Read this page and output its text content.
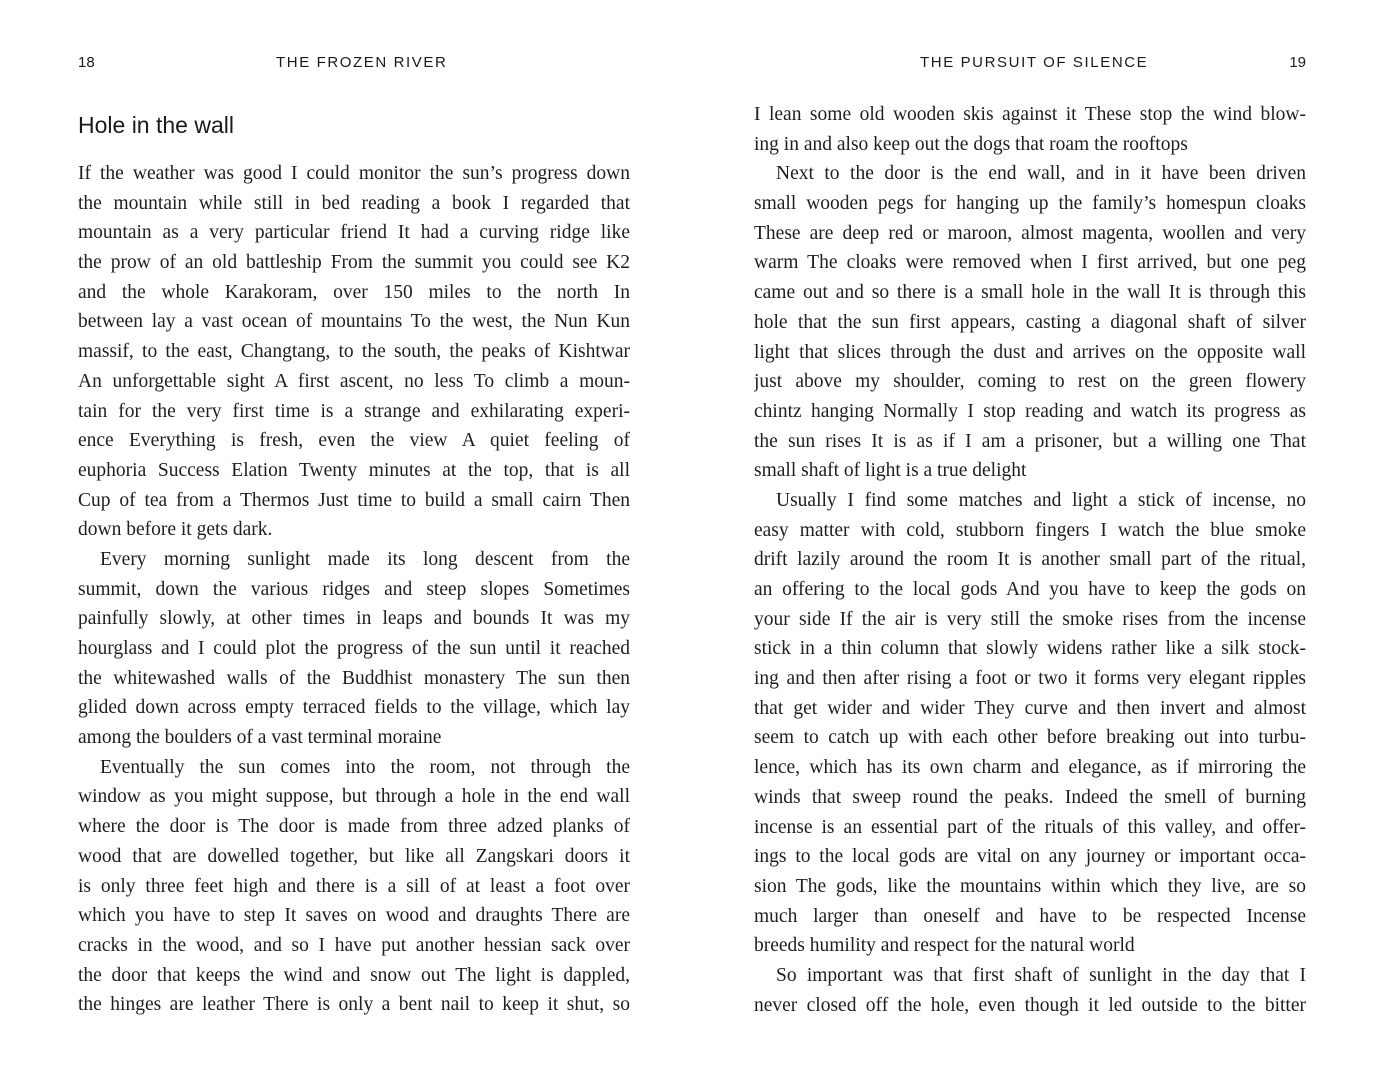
18	THE FROZEN RIVER
Hole in the wall
If the weather was good I could monitor the sun’s progress down
the mountain while still in bed reading a book I regarded that
mountain as a very particular friend It had a curving ridge like
the prow of an old battleship From the summit you could see K2
and the whole Karakoram, over 150 miles to the north In
between lay a vast ocean of mountains To the west, the Nun Kun
massif, to the east, Changtang, to the south, the peaks of Kishtwar
An unforgettable sight A first ascent, no less To climb a moun-
tain for the very first time is a strange and exhilarating experi-
ence Everything is fresh, even the view A quiet feeling of
euphoria Success Elation Twenty minutes at the top, that is all
Cup of tea from a Thermos Just time to build a small cairn Then
down before it gets dark.
Every morning sunlight made its long descent from the
summit, down the various ridges and steep slopes Sometimes
painfully slowly, at other times in leaps and bounds It was my
hourglass and I could plot the progress of the sun until it reached
the whitewashed walls of the Buddhist monastery The sun then
glided down across empty terraced fields to the village, which lay
among the boulders of a vast terminal moraine
Eventually the sun comes into the room, not through the
window as you might suppose, but through a hole in the end wall
where the door is The door is made from three adzed planks of
wood that are dowelled together, but like all Zangskari doors it
is only three feet high and there is a sill of at least a foot over
which you have to step It saves on wood and draughts There are
cracks in the wood, and so I have put another hessian sack over
the door that keeps the wind and snow out The light is dappled,
the hinges are leather There is only a bent nail to keep it shut, so
THE PURSUIT OF SILENCE	19
I lean some old wooden skis against it These stop the wind blow-
ing in and also keep out the dogs that roam the rooftops
Next to the door is the end wall, and in it have been driven
small wooden pegs for hanging up the family’s homespun cloaks
These are deep red or maroon, almost magenta, woollen and very
warm The cloaks were removed when I first arrived, but one peg
came out and so there is a small hole in the wall It is through this
hole that the sun first appears, casting a diagonal shaft of silver
light that slices through the dust and arrives on the opposite wall
just above my shoulder, coming to rest on the green flowery
chintz hanging Normally I stop reading and watch its progress as
the sun rises It is as if I am a prisoner, but a willing one That
small shaft of light is a true delight
Usually I find some matches and light a stick of incense, no
easy matter with cold, stubborn fingers I watch the blue smoke
drift lazily around the room It is another small part of the ritual,
an offering to the local gods And you have to keep the gods on
your side If the air is very still the smoke rises from the incense
stick in a thin column that slowly widens rather like a silk stock-
ing and then after rising a foot or two it forms very elegant ripples
that get wider and wider They curve and then invert and almost
seem to catch up with each other before breaking out into turbu-
lence, which has its own charm and elegance, as if mirroring the
winds that sweep round the peaks. Indeed the smell of burning
incense is an essential part of the rituals of this valley, and offer-
ings to the local gods are vital on any journey or important occa-
sion The gods, like the mountains within which they live, are so
much larger than oneself and have to be respected Incense
breeds humility and respect for the natural world
So important was that first shaft of sunlight in the day that I
never closed off the hole, even though it led outside to the bitter
